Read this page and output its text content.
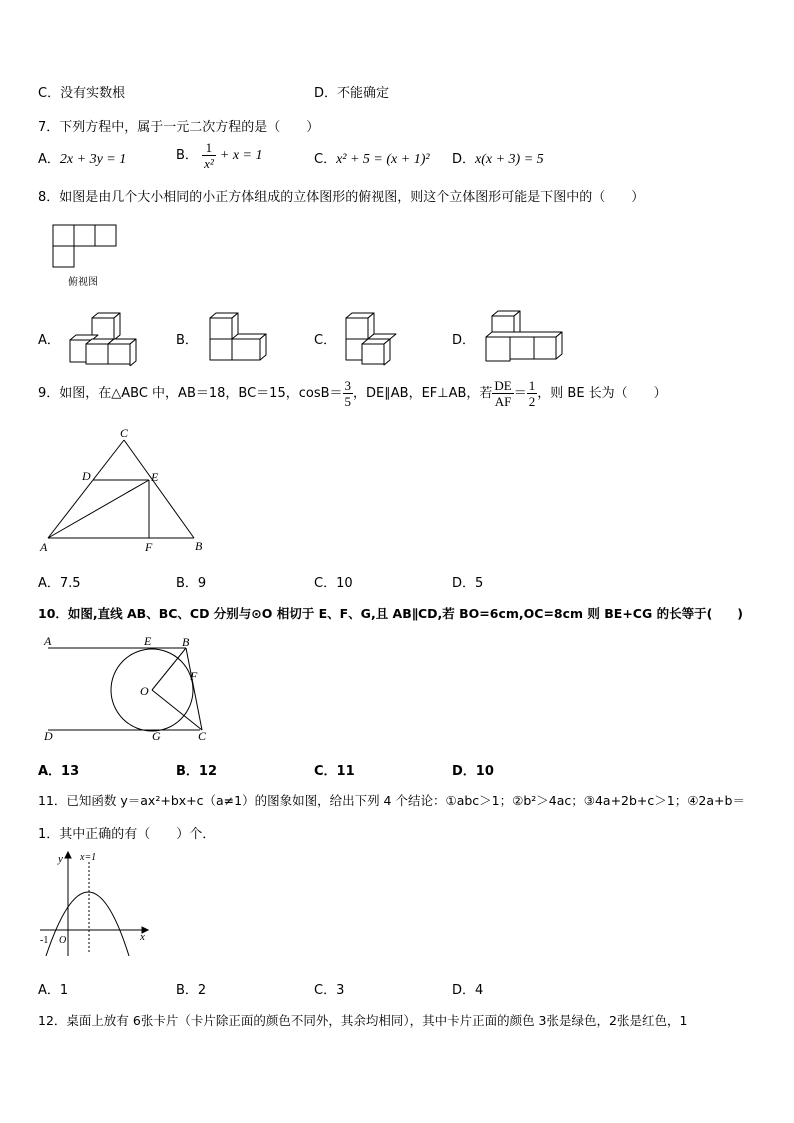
C．没有实数根	D．不能确定
7．下列方程中，属于一元二次方程的是（　　）
A．2x + 3y = 1	B． $\frac{1}{\text{x²}} + x = 1$	C．x² + 5 = (x + 1)² D．x(x + 3) = 5
8．如图是由几个大小相同的小正方体组成的立体图形的俯视图，则这个立体图形可能是下图中的（　　）
俯视图
A．	B．	C．	D．
9．如图，在△ABC 中，AB＝18，BC＝15，$\cos B= \frac{3}{5}$ ，DE∥AB，EF⊥AB，若 $\frac{DE}{AF} = \frac{1}{2}$ ，则 BE 长为（　　）
C
D	E
A	F	B
A．7.5	B．9	C．10	D．5
10．如图,直线 AB、BC、CD 分别与⊙O 相切于 E、F、G,且 AB∥CD,若 BO=6cm,OC=8cm 则 BE+CG 的长等于(　　)
A	E	B
F
O
D	G	C
A．13	B．12	C．11	D．10
11．已知函数 y＝ax²+bx+c（a≠1）的图象如图，给出下列 4 个结论：①abc＞1；②b²＞4ac；③4a+2b+c＞1；④2a+b＝
1．其中正确的有（　　）个．
y x=1
x
-1 O
A．1	B．2	C．3	D．4
12．桌面上放有 6张卡片（卡片除正面的颜色不同外，其余均相同），其中卡片正面的颜色 3张是绿色，2张是红色，1
